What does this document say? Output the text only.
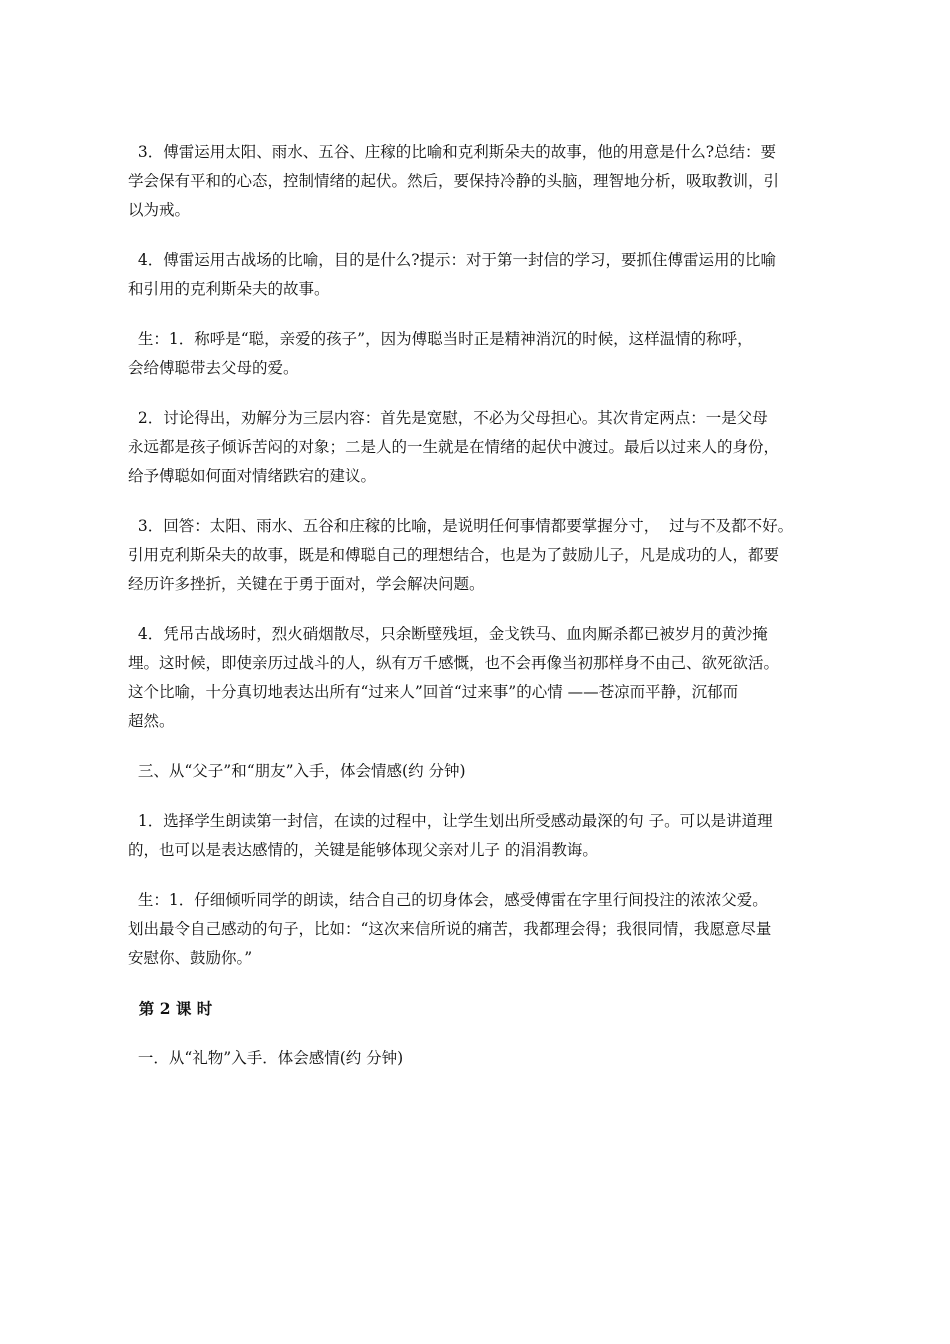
3．傅雷运用太阳、雨水、五谷、庄稼的比喻和克利斯朵夫的故事，他的用意是什么?总结：要
学会保有平和的心态，控制情绪的起伏。然后，要保持冷静的头脑，理智地分析，吸取教训，引
以为戒。

4．傅雷运用古战场的比喻，目的是什么?提示：对于第一封信的学习，要抓住傅雷运用的比喻
和引用的克利斯朵夫的故事。

生：1．称呼是“聪，亲爱的孩子”，因为傅聪当时正是精神消沉的时候，这样温情的称呼，
会给傅聪带去父母的爱。

2．讨论得出，劝解分为三层内容：首先是宽慰，不必为父母担心。其次肯定两点：一是父母
永远都是孩子倾诉苦闷的对象；二是人的一生就是在情绪的起伏中渡过。最后以过来人的身份，
给予傅聪如何面对情绪跌宕的建议。

3．回答：太阳、雨水、五谷和庄稼的比喻，是说明任何事情都要掌握分寸，  过与不及都不好。
引用克利斯朵夫的故事，既是和傅聪自己的理想结合，也是为了鼓励儿子，凡是成功的人，都要
经历许多挫折，关键在于勇于面对，学会解决问题。

4．凭吊古战场时，烈火硝烟散尽，只余断壁残垣，金戈铁马、血肉厮杀都已被岁月的黄沙掩
埋。这时候，即使亲历过战斗的人，纵有万千感慨，也不会再像当初那样身不由己、欲死欲活。
这个比喻，十分真切地表达出所有“过来人”回首“过来事”的心情 ——苍凉而平静，沉郁而
超然。

三、从“父子”和“朋友”入手，体会情感(约 分钟)

1．选择学生朗读第一封信，在读的过程中，让学生划出所受感动最深的句 子。可以是讲道理
的，也可以是表达感情的，关键是能够体现父亲对儿子 的涓涓教诲。

生：1．仔细倾听同学的朗读，结合自己的切身体会，感受傅雷在字里行间投注的浓浓父爱。
划出最令自己感动的句子，比如：“这次来信所说的痛苦，我都理会得；我很同情，我愿意尽量
安慰你、鼓励你。”

第 2 课 时

一．从“礼物”入手．体会感情(约 分钟)
